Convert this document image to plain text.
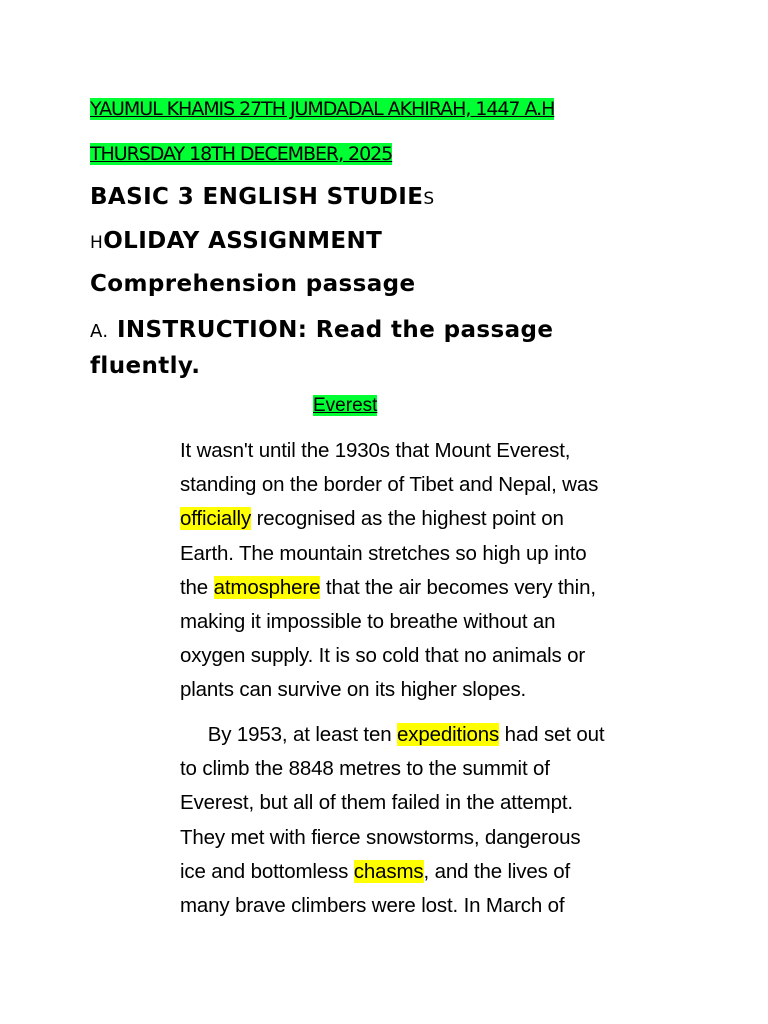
YAUMUL KHAMIS 27TH JUMDADAL AKHIRAH, 1447 A.H
THURSDAY 18TH DECEMBER, 2025
BASIC 3 ENGLISH STUDIES
HOLIDAY ASSIGNMENT
Comprehension passage
A. INSTRUCTION: Read the passage fluently.
Everest
It wasn't until the 1930s that Mount Everest,
standing on the border of Tibet and Nepal, was
officially recognised as the highest point on
Earth. The mountain stretches so high up into
the atmosphere that the air becomes very thin,
making it impossible to breathe without an
oxygen supply. It is so cold that no animals or
plants can survive on its higher slopes.
By 1953, at least ten expeditions had set out
to climb the 8848 metres to the summit of
Everest, but all of them failed in the attempt.
They met with fierce snowstorms, dangerous
ice and bottomless chasms, and the lives of
many brave climbers were lost. In March of
